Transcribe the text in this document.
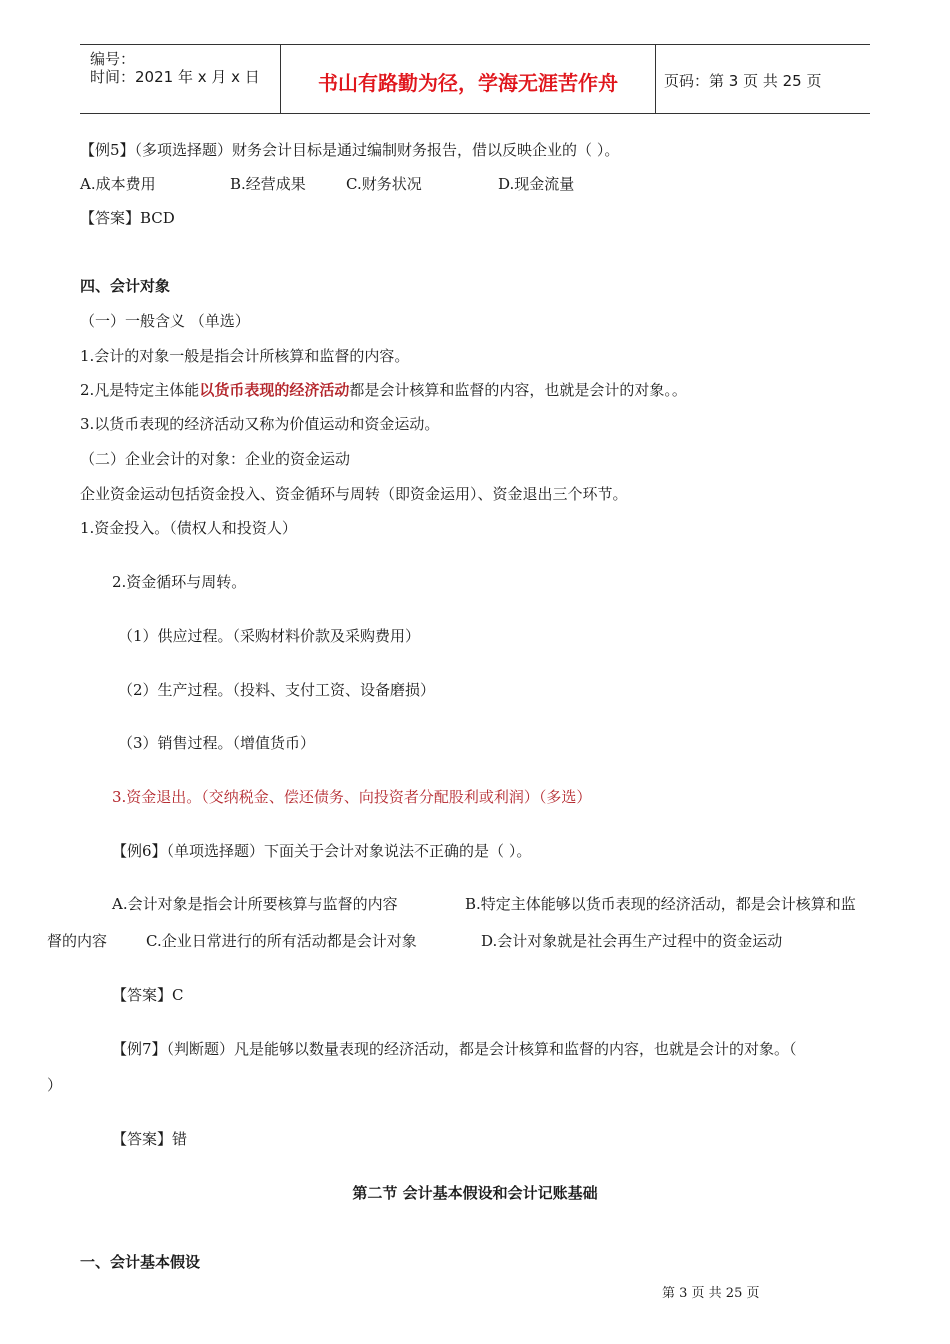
编号：
时间：2021 年 x 月 x 日	书山有路勤为径，学海无涯苦作舟	页码：第 3 页 共 25 页
【例5】（多项选择题）财务会计目标是通过编制财务报告，借以反映企业的（ ）。
A.成本费用	B.经营成果	C.财务状况	D.现金流量
【答案】BCD
四、会计对象
（一）一般含义 （单选）
1.会计的对象一般是指会计所核算和监督的内容。
2.凡是特定主体能以货币表现的经济活动都是会计核算和监督的内容，也就是会计的对象。。
3.以货币表现的经济活动又称为价值运动和资金运动。
（二）企业会计的对象：企业的资金运动
企业资金运动包括资金投入、资金循环与周转（即资金运用）、资金退出三个环节。
1.资金投入。（债权人和投资人）
2.资金循环与周转。
（1）供应过程。（采购材料价款及采购费用）
（2）生产过程。（投料、支付工资、设备磨损）
（3）销售过程。（增值货币）
3.资金退出。（交纳税金、偿还债务、向投资者分配股利或利润）（多选）
【例6】（单项选择题）下面关于会计对象说法不正确的是（ ）。
A.会计对象是指会计所要核算与监督的内容	B.特定主体能够以货币表现的经济活动，都是会计核算和监
督的内容	C.企业日常进行的所有活动都是会计对象	D.会计对象就是社会再生产过程中的资金运动
【答案】C
【例7】（判断题）凡是能够以数量表现的经济活动，都是会计核算和监督的内容，也就是会计的对象。（
）
【答案】错
第二节 会计基本假设和会计记账基础
一、会计基本假设
第 3 页 共 25 页
